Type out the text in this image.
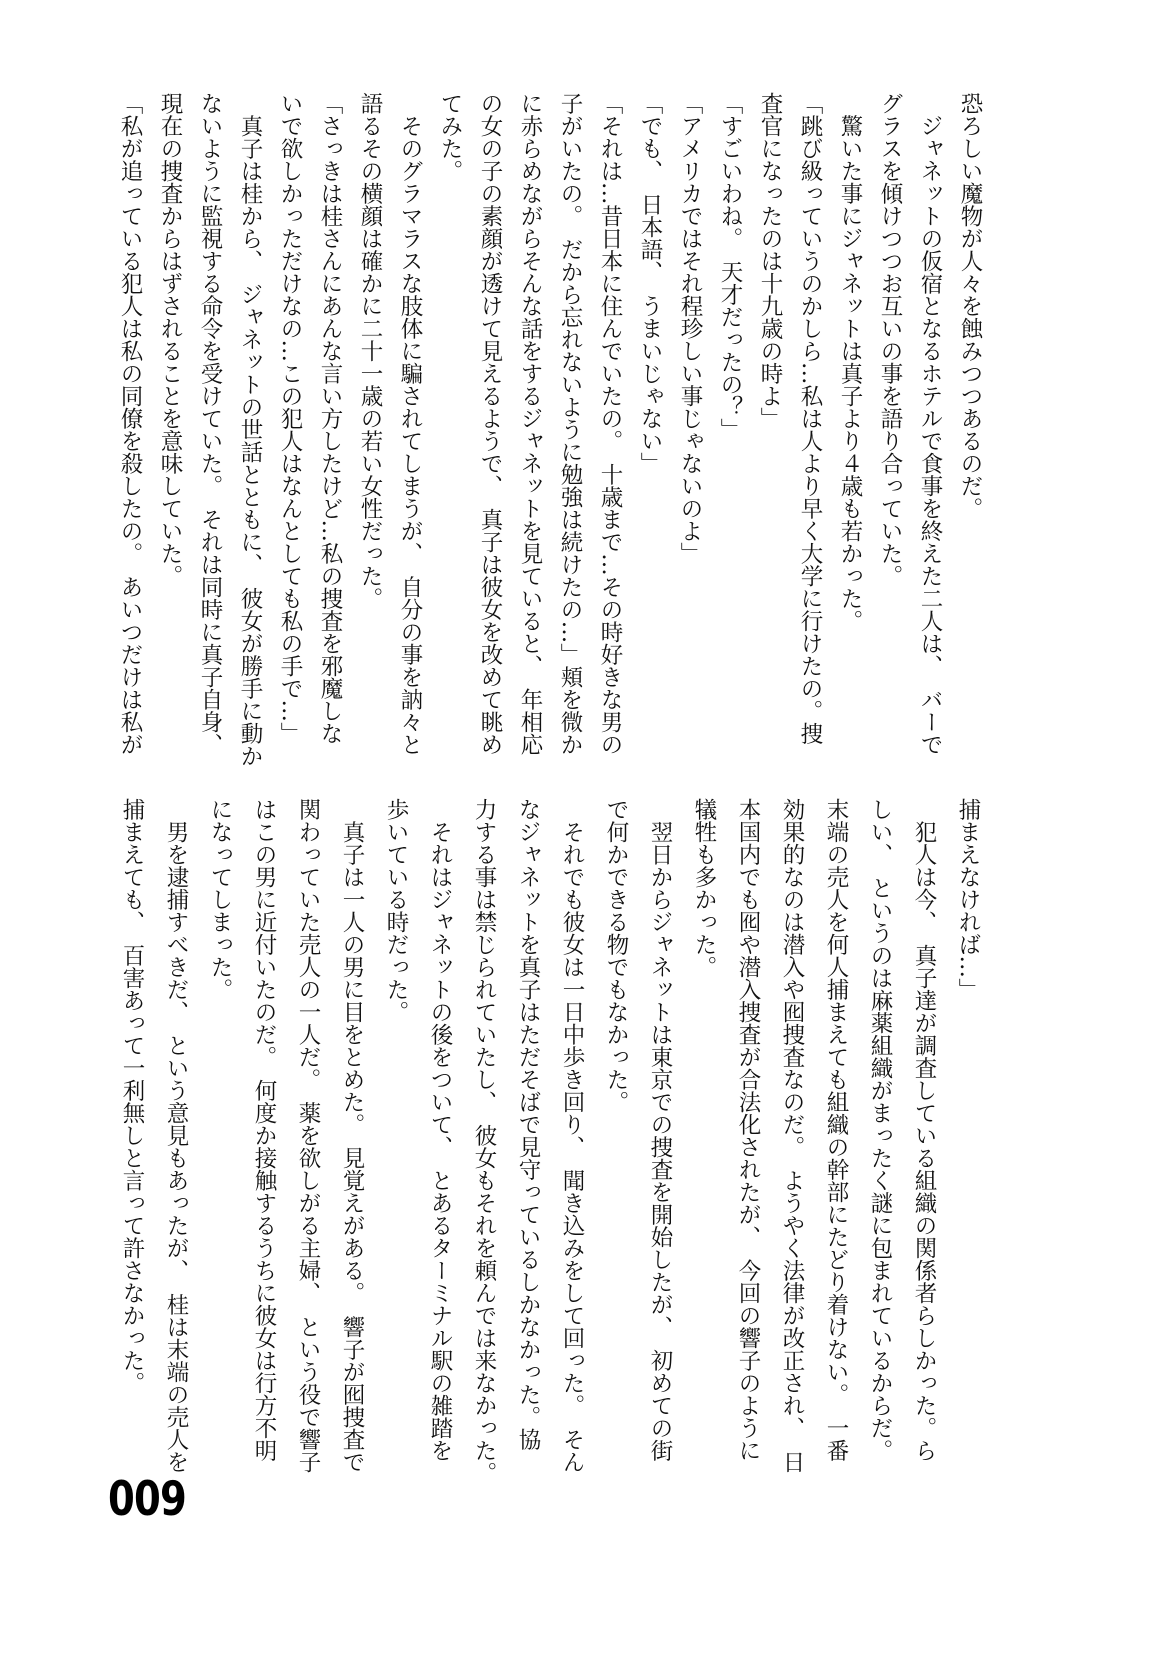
恐ろしい魔物が人々を蝕みつつあるのだ。

　ジャネットの仮宿となるホテルで食事を終えた二人は、　バーで

グラスを傾けつつお互いの事を語り合っていた。

　驚いた事にジャネットは真子より４歳も若かった。

「跳び級っていうのかしら…私は人より早く大学に行けたの。捜

査官になったのは十九歳の時よ」

「すごいわね。　天才だったの？」

「アメリカではそれ程珍しい事じゃないのよ」

「でも、　日本語、　うまいじゃない」

「それは…昔日本に住んでいたの。　十歳まで…その時好きな男の

子がいたの。　だから忘れないように勉強は続けたの…」頬を微か

に赤らめながらそんな話をするジャネットを見ていると、　年相応

の女の子の素顔が透けて見えるようで、　真子は彼女を改めて眺め

てみた。

　そのグラマラスな肢体に騙されてしまうが、　自分の事を訥々と

語るその横顔は確かに二十一歳の若い女性だった。

「さっきは桂さんにあんな言い方したけど…私の捜査を邪魔しな

いで欲しかっただけなの…この犯人はなんとしても私の手で…」

　真子は桂から、　ジャネットの世話とともに、　彼女が勝手に動か

ないように監視する命令を受けていた。　それは同時に真子自身、

現在の捜査からはずされることを意味していた。

「私が追っている犯人は私の同僚を殺したの。　あいつだけは私が

捕まえなければ…」

　犯人は今、　真子達が調査している組織の関係者らしかった。ら

しい、　というのは麻薬組織がまったく謎に包まれているからだ。

末端の売人を何人捕まえても組織の幹部にたどり着けない。　一番

効果的なのは潜入や囮捜査なのだ。　ようやく法律が改正され、　日

本国内でも囮や潜入捜査が合法化されたが、　今回の響子のように

犠牲も多かった。

　翌日からジャネットは東京での捜査を開始したが、　初めての街

で何かできる物でもなかった。

　それでも彼女は一日中歩き回り、　聞き込みをして回った。　そん

なジャネットを真子はただそばで見守っているしかなかった。協

力する事は禁じられていたし、　彼女もそれを頼んでは来なかった。

　それはジャネットの後をついて、　とあるターミナル駅の雑踏を

歩いている時だった。

　真子は一人の男に目をとめた。　見覚えがある。　響子が囮捜査で

関わっていた売人の一人だ。　薬を欲しがる主婦、　という役で響子

はこの男に近付いたのだ。　何度か接触するうちに彼女は行方不明

になってしまった。

　男を逮捕すべきだ、　という意見もあったが、　桂は末端の売人を

捕まえても、　百害あって一利無しと言って許さなかった。

009
